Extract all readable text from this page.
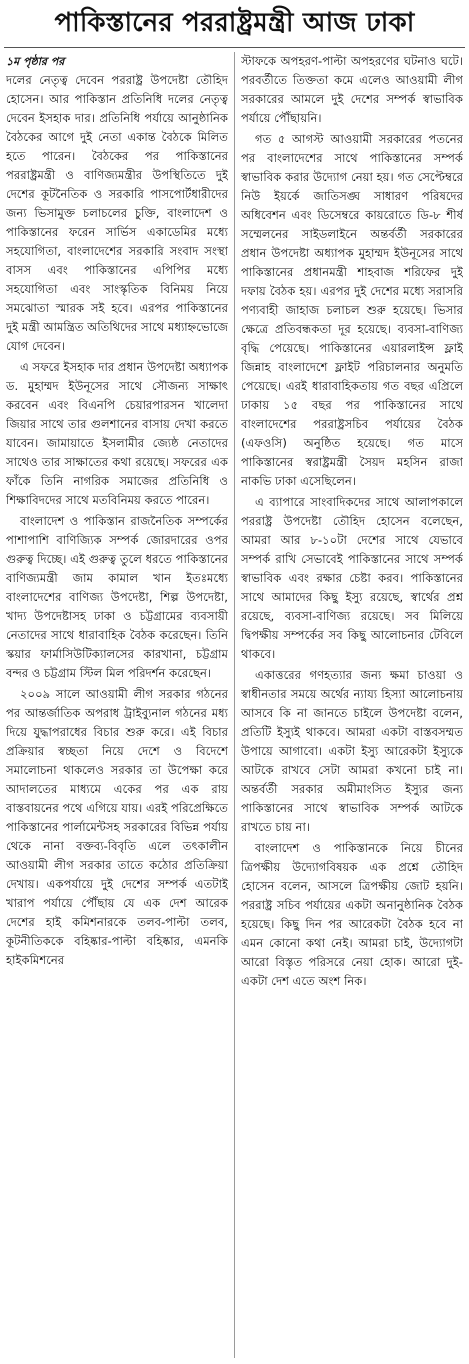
পাকিস্তানের পররাষ্ট্রমন্ত্রী আজ ঢাকা
১ম পৃষ্ঠার পর

দলের নেতৃত্ব দেবেন পররাষ্ট্র উপদেষ্টা তৌহিদ হোসেন। আর পাকিস্তান প্রতিনিধি দলের নেতৃত্ব দেবেন ইসহাক দার। প্রতিনিধি পর্যায়ে আনুষ্ঠানিক বৈঠকের আগে দুই নেতা একান্ত বৈঠকে মিলিত হতে পারেন। বৈঠকের পর পাকিস্তানের পররাষ্ট্রমন্ত্রী ও বাণিজ্যমন্ত্রীর উপস্থিতিতে দুই দেশের কূটনৈতিক ও সরকারি পাসপোর্টধারীদের জন্য ভিসামুক্ত চলাচলের চুক্তি, বাংলাদেশ ও পাকিস্তানের ফরেন সার্ভিস একাডেমির মধ্যে সহযোগিতা, বাংলাদেশের সরকারি সংবাদ সংস্থা বাসস এবং পাকিস্তানের এপিপির মধ্যে সহযোগিতা এবং সাংস্কৃতিক বিনিময় নিয়ে সমঝোতা স্মারক সই হবে। এরপর পাকিস্তানের দুই মন্ত্রী আমন্ত্রিত অতিথিদের সাথে মধ্যাহ্নভোজে যোগ দেবেন।

এ সফরে ইসহাক দার প্রধান উপদেষ্টা অধ্যাপক ড. মুহাম্মদ ইউনূসের সাথে সৌজন্য সাক্ষাৎ করবেন এবং বিএনপি চেয়ারপারসন খালেদা জিয়ার সাথে তার গুলশানের বাসায় দেখা করতে যাবেন। জামায়াতে ইসলামীর জ্যেষ্ঠ নেতাদের সাথেও তার সাক্ষাতের কথা রয়েছে। সফরের এক ফাঁকে তিনি নাগরিক সমাজের প্রতিনিধি ও শিক্ষাবিদদের সাথে মতবিনিময় করতে পারেন।

বাংলাদেশ ও পাকিস্তান রাজনৈতিক সম্পর্কের পাশাপাশি বাণিজ্যিক সম্পর্ক জোরদারের ওপর গুরুত্ব দিচ্ছে। এই গুরুত্ব তুলে ধরতে পাকিস্তানের বাণিজ্যমন্ত্রী জাম কামাল খান ইতঃমধ্যে বাংলাদেশের বাণিজ্য উপদেষ্টা, শিল্প উপদেষ্টা, খাদ্য উপদেষ্টাসহ ঢাকা ও চট্টগ্রামের ব্যবসায়ী নেতাদের সাথে ধারাবাহিক বৈঠক করেছেন। তিনি স্কয়ার ফার্মাসিউটিক্যালসের কারখানা, চট্টগ্রাম বন্দর ও চট্টগ্রাম স্টিল মিল পরিদর্শন করেছেন।

২০০৯ সালে আওয়ামী লীগ সরকার গঠনের পর আন্তর্জাতিক অপরাধ ট্রাইব্যুনাল গঠনের মধ্য দিয়ে যুদ্ধাপরাধের বিচার শুরু করে। এই বিচার প্রক্রিয়ার স্বচ্ছতা নিয়ে দেশে ও বিদেশে সমালোচনা থাকলেও সরকার তা উপেক্ষা করে আদালতের মাধ্যমে একের পর এক রায় বাস্তবায়নের পথে এগিয়ে যায়। এরই পরিপ্রেক্ষিতে পাকিস্তানের পার্লামেন্টসহ সরকারের বিভিন্ন পর্যায় থেকে নানা বক্তব্য-বিবৃতি এলে তৎকালীন আওয়ামী লীগ সরকার তাতে কঠোর প্রতিক্রিয়া দেখায়। একপর্যায়ে দুই দেশের সম্পর্ক এতটাই খারাপ পর্যায়ে পৌঁছায় যে এক দেশ আরেক দেশের হাই কমিশনারকে তলব-পাল্টা তলব, কূটনীতিককে বহিষ্কার-পাল্টা বহিষ্কার, এমনকি হাইকমিশনের

স্টাফকে অপহরণ-পাল্টা অপহরণের ঘটনাও ঘটে। পরবর্তীতে তিক্ততা কমে এলেও আওয়ামী লীগ সরকারের আমলে দুই দেশের সম্পর্ক স্বাভাবিক পর্যায়ে পৌঁছায়নি।

গত ৫ আগস্ট আওয়ামী সরকারের পতনের পর বাংলাদেশের সাথে পাকিস্তানের সম্পর্ক স্বাভাবিক করার উদ্যোগ নেয়া হয়। গত সেপ্টেম্বরে নিউ ইয়র্কে জাতিসঙ্ঘ সাধারণ পরিষদের অধিবেশন এবং ডিসেম্বরে কায়রোতে ডি-৮ শীর্ষ সম্মেলনের সাইডলাইনে অন্তর্বর্তী সরকারের প্রধান উপদেষ্টা অধ্যাপক মুহাম্মদ ইউনূসের সাথে পাকিস্তানের প্রধানমন্ত্রী শাহবাজ শরিফের দুই দফায় বৈঠক হয়। এরপর দুই দেশের মধ্যে সরাসরি পণ্যবাহী জাহাজ চলাচল শুরু হয়েছে। ভিসার ক্ষেত্রে প্রতিবন্ধকতা দূর হয়েছে। ব্যবসা-বাণিজ্য বৃদ্ধি পেয়েছে। পাকিস্তানের এয়ারলাইন্স ফ্লাই জিন্নাহ বাংলাদেশে ফ্লাইট পরিচালনার অনুমতি পেয়েছে। এরই ধারাবাহিকতায় গত বছর এপ্রিলে ঢাকায় ১৫ বছর পর পাকিস্তানের সাথে বাংলাদেশের পররাষ্ট্রসচিব পর্যায়ের বৈঠক (এফওসি) অনুষ্ঠিত হয়েছে। গত মাসে পাকিস্তানের স্বরাষ্ট্রমন্ত্রী সৈয়দ মহসিন রাজা নাকভি ঢাকা এসেছিলেন।

এ ব্যাপারে সাংবাদিকদের সাথে আলাপকালে পররাষ্ট্র উপদেষ্টা তৌহিদ হোসেন বলেছেন, আমরা আর ৮-১০টা দেশের সাথে যেভাবে সম্পর্ক রাখি সেভাবেই পাকিস্তানের সাথে সম্পর্ক স্বাভাবিক এবং রক্ষার চেষ্টা করব। পাকিস্তানের সাথে আমাদের কিছু ইস্যু রয়েছে, স্বার্থের প্রশ্ন রয়েছে, ব্যবসা-বাণিজ্য রয়েছে। সব মিলিয়ে দ্বিপক্ষীয় সম্পর্কের সব কিছু আলোচনার টেবিলে থাকবে।

একাত্তরের গণহত্যার জন্য ক্ষমা চাওয়া ও স্বাধীনতার সময়ে অর্থের ন্যায্য হিস্যা আলোচনায় আসবে কি না জানতে চাইলে উপদেষ্টা বলেন, প্রতিটি ইস্যুই থাকবে। আমরা একটা বাস্তবসম্মত উপায়ে আগাবো। একটা ইস্যু আরেকটা ইস্যুকে আটকে রাখবে সেটা আমরা কখনো চাই না। অন্তর্বর্তী সরকার অমীমাংসিত ইস্যুর জন্য পাকিস্তানের সাথে স্বাভাবিক সম্পর্ক আটকে রাখতে চায় না।

বাংলাদেশ ও পাকিস্তানকে নিয়ে চীনের ত্রিপক্ষীয় উদ্যোগবিষয়ক এক প্রশ্নে তৌহিদ হোসেন বলেন, আসলে ত্রিপক্ষীয় জোট হয়নি। পররাষ্ট্র সচিব পর্যায়ের একটা অনানুষ্ঠানিক বৈঠক হয়েছে। কিছু দিন পর আরেকটা বৈঠক হবে না এমন কোনো কথা নেই। আমরা চাই, উদ্যোগটা আরো বিস্তৃত পরিসরে নেয়া হোক। আরো দুই-একটা দেশ এতে অংশ নিক।
